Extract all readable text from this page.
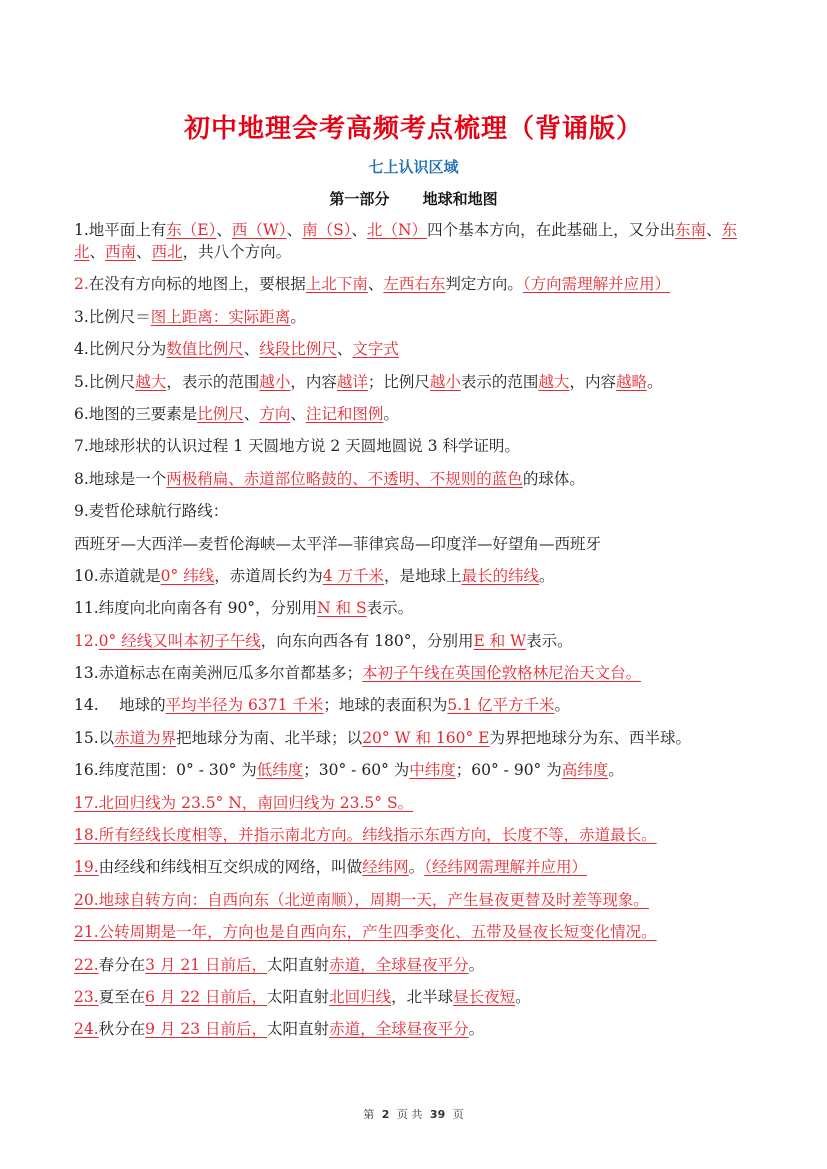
初中地理会考高频考点梳理（背诵版）
七上认识区域
第一部分 地球和地图

1.地平面上有东（E）、西（W）、南（S）、北（N）四个基本方向，在此基础上，又分出东南、东北、西南、西北，共八个方向。

2.在没有方向标的地图上，要根据上北下南、左西右东判定方向。（方向需理解并应用）

3.比例尺＝图上距离：实际距离。

4.比例尺分为数值比例尺、线段比例尺、文字式

5.比例尺越大，表示的范围越小，内容越详；比例尺越小表示的范围越大，内容越略。

6.地图的三要素是比例尺、方向、注记和图例。

7.地球形状的认识过程 1 天圆地方说 2 天圆地圆说 3 科学证明。

8.地球是一个两极稍扁、赤道部位略鼓的、不透明、不规则的蓝色的球体。

9.麦哲伦球航行路线：

西班牙—大西洋—麦哲伦海峡—太平洋—菲律宾岛—印度洋—好望角—西班牙

10.赤道就是0° 纬线，赤道周长约为4 万千米，是地球上最长的纬线。

11.纬度向北向南各有 90°，分别用N 和 S表示。

12.0° 经线又叫本初子午线，向东向西各有 180°，分别用E 和 W表示。

13.赤道标志在南美洲厄瓜多尔首都基多；本初子午线在英国伦敦格林尼治天文台。

14.　 地球的平均半径为 6371 千米；地球的表面积为5.1 亿平方千米。

15.以赤道为界把地球分为南、北半球；以20° W 和 160° E为界把地球分为东、西半球。

16.纬度范围：0° - 30° 为低纬度；30° - 60° 为中纬度；60° - 90° 为高纬度。

17.北回归线为 23.5° N，南回归线为 23.5° S。

18.所有经线长度相等，并指示南北方向。纬线指示东西方向，长度不等，赤道最长。

19.由经线和纬线相互交织成的网络，叫做经纬网。（经纬网需理解并应用）

20.地球自转方向：自西向东（北逆南顺），周期一天，产生昼夜更替及时差等现象。

21.公转周期是一年，方向也是自西向东，产生四季变化、五带及昼夜长短变化情况。

22.春分在3 月 21 日前后，太阳直射赤道，全球昼夜平分。

23.夏至在6 月 22 日前后，太阳直射北回归线，北半球昼长夜短。

24.秋分在9 月 23 日前后，太阳直射赤道，全球昼夜平分。

第 2 页 共 39 页
